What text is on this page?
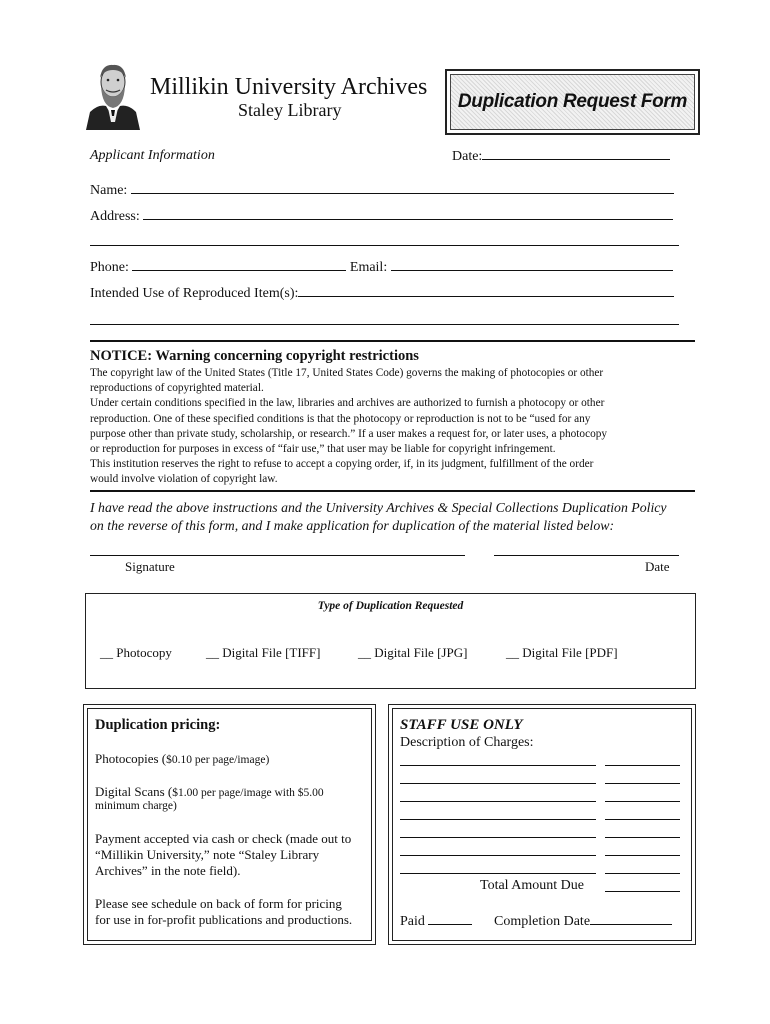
Millikin University Archives
Staley Library	Duplication Request Form
Applicant Information	Date:
Name:
Address:
Phone:	Email:
Intended Use of Reproduced Item(s):
NOTICE: Warning concerning copyright restrictions
The copyright law of the United States (Title 17, United States Code) governs the making of photocopies or other
reproductions of copyrighted material.
Under certain conditions specified in the law, libraries and archives are authorized to furnish a photocopy or other
reproduction. One of these specified conditions is that the photocopy or reproduction is not to be “used for any
purpose other than private study, scholarship, or research.” If a user makes a request for, or later uses, a photocopy
or reproduction for purposes in excess of “fair use,” that user may be liable for copyright infringement.
This institution reserves the right to refuse to accept a copying order, if, in its judgment, fulfillment of the order
would involve violation of copyright law.
I have read the above instructions and the University Archives & Special Collections Duplication Policy
on the reverse of this form, and I make application for duplication of the material listed below:
Signature	Date
Type of Duplication Requested
__ Photocopy	__ Digital File [TIFF]	__ Digital File [JPG]	__ Digital File [PDF]
Duplication pricing:
Photocopies ($0.10 per page/image)
Digital Scans ($1.00 per page/image with $5.00
minimum charge)
Payment accepted via cash or check (made out to
“Millikin University,” note “Staley Library
Archives” in the note field).
Please see schedule on back of form for pricing
for use in for-profit publications and productions.
STAFF USE ONLY
Description of Charges:
Total Amount Due
Paid	Completion Date
